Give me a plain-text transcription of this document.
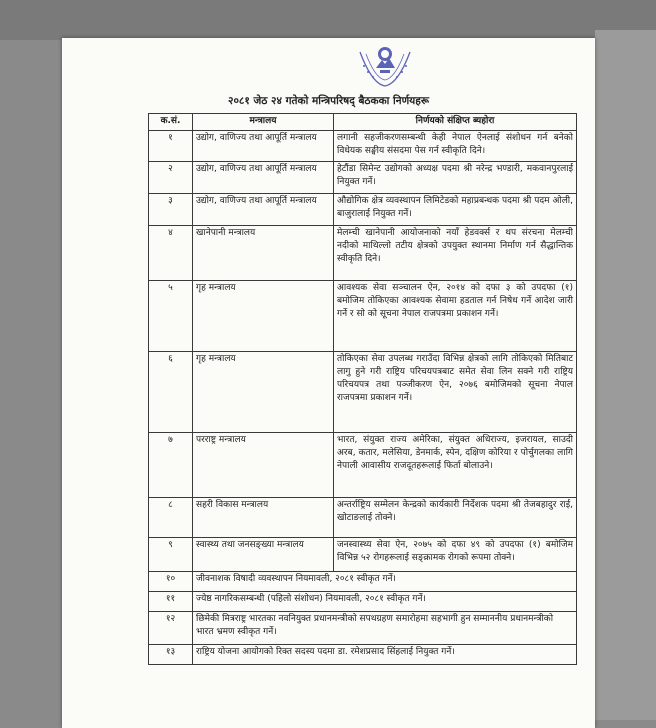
२०८१ जेठ २४ गतेको मन्त्रिपरिषद् बैठकका निर्णयहरू
क.सं.	मन्त्रालय	निर्णयको संक्षिप्त ब्यहोरा
१	उद्योग, वाणिज्य तथा आपूर्ति मन्त्रालय	लगानी सहजीकरणसम्बन्धी केही नेपाल ऐनलाई संशोधन गर्न बनेको विधेयक सङ्घीय संसदमा पेस गर्न स्वीकृति दिने।
२	उद्योग, वाणिज्य तथा आपूर्ति मन्त्रालय	हेटौंडा सिमेन्ट उद्योगको अध्यक्ष पदमा श्री नरेन्द्र भण्डारी, मकवानपुरलाई नियुक्त गर्ने।
३	उद्योग, वाणिज्य तथा आपूर्ति मन्त्रालय	औद्योगिक क्षेत्र व्यवस्थापन लिमिटेडको महाप्रबन्धक पदमा श्री पदम ओली, बाजुरालाई नियुक्त गर्ने।
४	खानेपानी मन्त्रालय	मेलम्ची खानेपानी आयोजनाको नयाँ हेडवर्क्स र थप संरचना मेलम्ची नदीको माथिल्लो तटीय क्षेत्रको उपयुक्त स्थानमा निर्माण गर्न सैद्धान्तिक स्वीकृति दिने।
५	गृह मन्त्रालय	आवश्यक सेवा सञ्चालन ऐन, २०१४ को दफा ३ को उपदफा (१) बमोजिम तोकिएका आवश्यक सेवामा हडताल गर्न निषेध गर्ने आदेश जारी गर्ने र सो को सूचना नेपाल राजपत्रमा प्रकाशन गर्ने।
६	गृह मन्त्रालय	तोकिएका सेवा उपलब्ध गराउँदा विभिन्न क्षेत्रको लागि तोकिएको मितिबाट लागु हुने गरी राष्ट्रिय परिचयपत्रबाट समेत सेवा लिन सक्ने गरी राष्ट्रिय परिचयपत्र तथा पञ्जीकरण ऐन, २०७६ बमोजिमको सूचना नेपाल राजपत्रमा प्रकाशन गर्ने।
७	परराष्ट्र मन्त्रालय	भारत, संयुक्त राज्य अमेरिका, संयुक्त अधिराज्य, इजरायल, साउदी अरब, कतार, मलेसिया, डेनमार्क, स्पेन, दक्षिण कोरिया र पोर्चुगलका लागि नेपाली आवासीय राजदूतहरूलाई फिर्ता बोलाउने।
८	सहरी विकास मन्त्रालय	अन्तर्राष्ट्रिय सम्मेलन केन्द्रको कार्यकारी निर्देशक पदमा श्री तेजबहादुर राई, खोटाङलाई तोक्ने।
९	स्वास्थ्य तथा जनसङ्ख्या मन्त्रालय	जनस्वास्थ्य सेवा ऐन, २०७५ को दफा ४९ को उपदफा (१) बमोजिम विभिन्न ५२ रोगहरूलाई सङ्क्रामक रोगको रूपमा तोक्ने।
१०	जीवनाशक विषादी व्यवस्थापन नियमावली, २०८१ स्वीकृत गर्ने।	
११	ज्येष्ठ नागरिकसम्बन्धी (पहिलो संशोधन) नियमावली, २०८१ स्वीकृत गर्ने।	
१२	छिमेकी मित्रराष्ट्र भारतका नवनियुक्त प्रधानमन्त्रीको सपथग्रहण समारोहमा सहभागी हुन सम्माननीय प्रधानमन्त्रीको भारत भ्रमण स्वीकृत गर्ने।	
१३	राष्ट्रिय योजना आयोगको रिक्त सदस्य पदमा डा. रमेशप्रसाद सिंहलाई नियुक्त गर्ने।	
